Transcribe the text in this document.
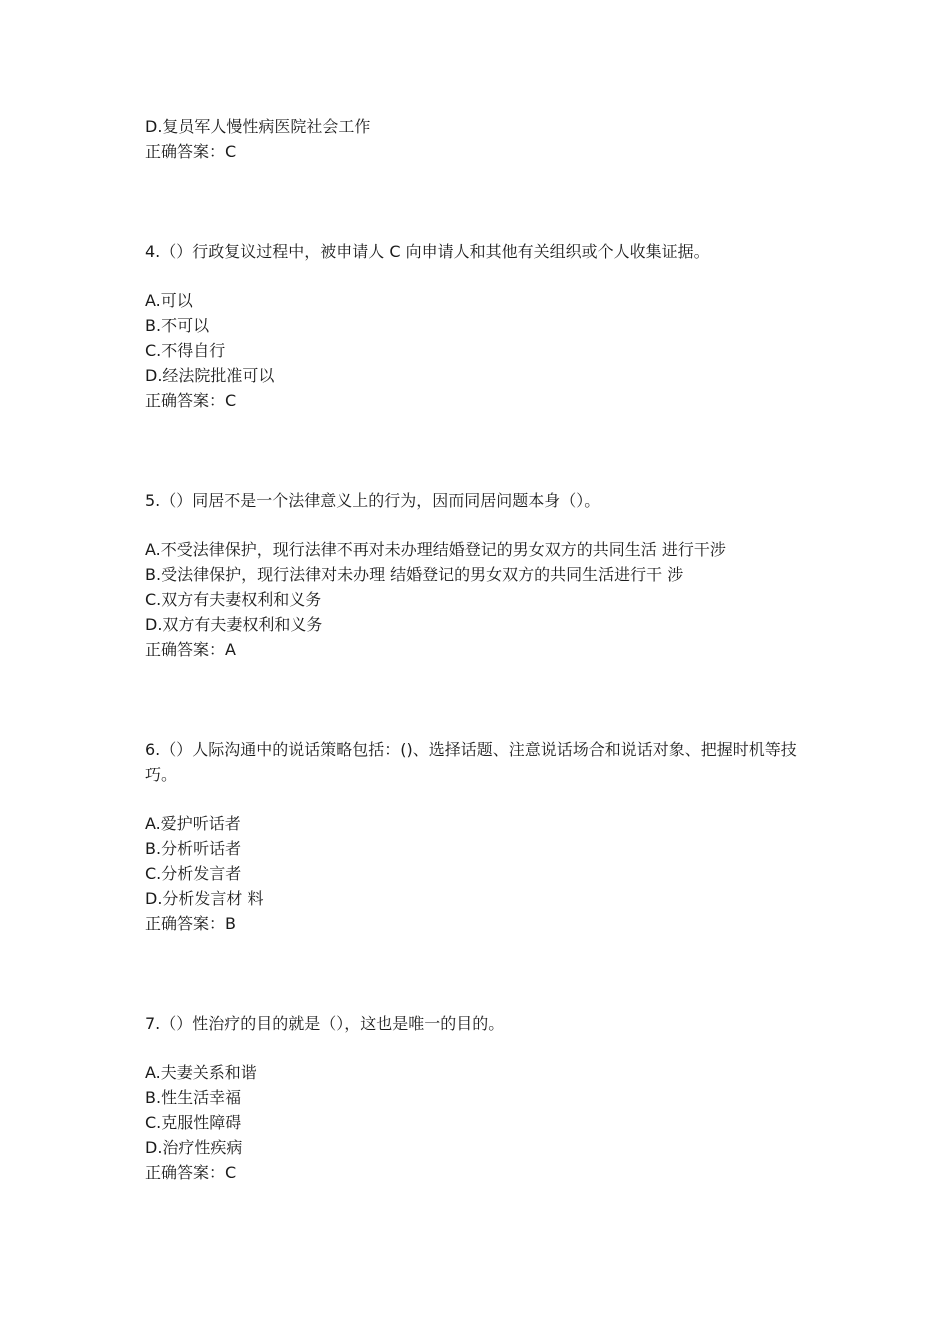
D.复员军人慢性病医院社会工作
正确答案：C
4.（）行政复议过程中，被申请人 C 向申请人和其他有关组织或个人收集证据。
A.可以
B.不可以
C.不得自行
D.经法院批准可以
正确答案：C
5.（）同居不是一个法律意义上的行为，因而同居问题本身（）。
A.不受法律保护，现行法律不再对未办理结婚登记的男女双方的共同生活 进行干涉
B.受法律保护，现行法律对未办理 结婚登记的男女双方的共同生活进行干 涉
C.双方有夫妻权利和义务
D.双方有夫妻权利和义务
正确答案：A
6.（）人际沟通中的说话策略包括：()、选择话题、注意说话场合和说话对象、把握时机等技巧。
A.爱护听话者
B.分析听话者
C.分析发言者
D.分析发言材 料
正确答案：B
7.（）性治疗的目的就是（），这也是唯一的目的。
A.夫妻关系和谐
B.性生活幸福
C.克服性障碍
D.治疗性疾病
正确答案：C
